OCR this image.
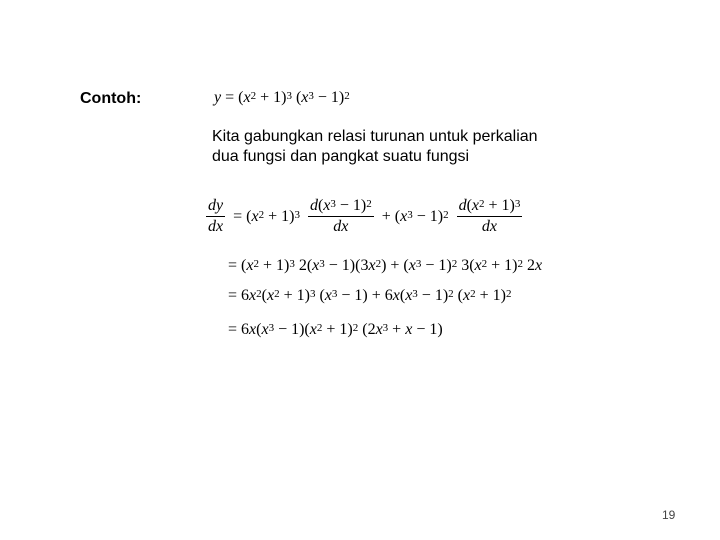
Contoh:	$y = (x^2 + 1)^3$ $(x^3 - 1)^2$
Kita gabungkan relasi turunan untuk perkalian
dua fungsi dan pangkat suatu fungsi
$\frac{dy}{dx} = (x^2 + 1)^3 \frac{d(x^3 - 1)^2}{dx} + (x^3 - 1)^2 \frac{d(x^2 + 1)^3}{dx}$
= $(x^2 + 1)^3$ $2(x^3 - 1)(3x^2) + (x^3 - 1)^2$ $3(x^2 + 1)^2$ 2x
= $6x^2(x^2 + 1)^3$ $(x^3 - 1) + 6x(x^3 - 1)^2$ $(x^2 + 1)^2$
= $6x(x^3 - 1)(x^2 + 1)^2$ $(2x^3 + x - 1)$
19
